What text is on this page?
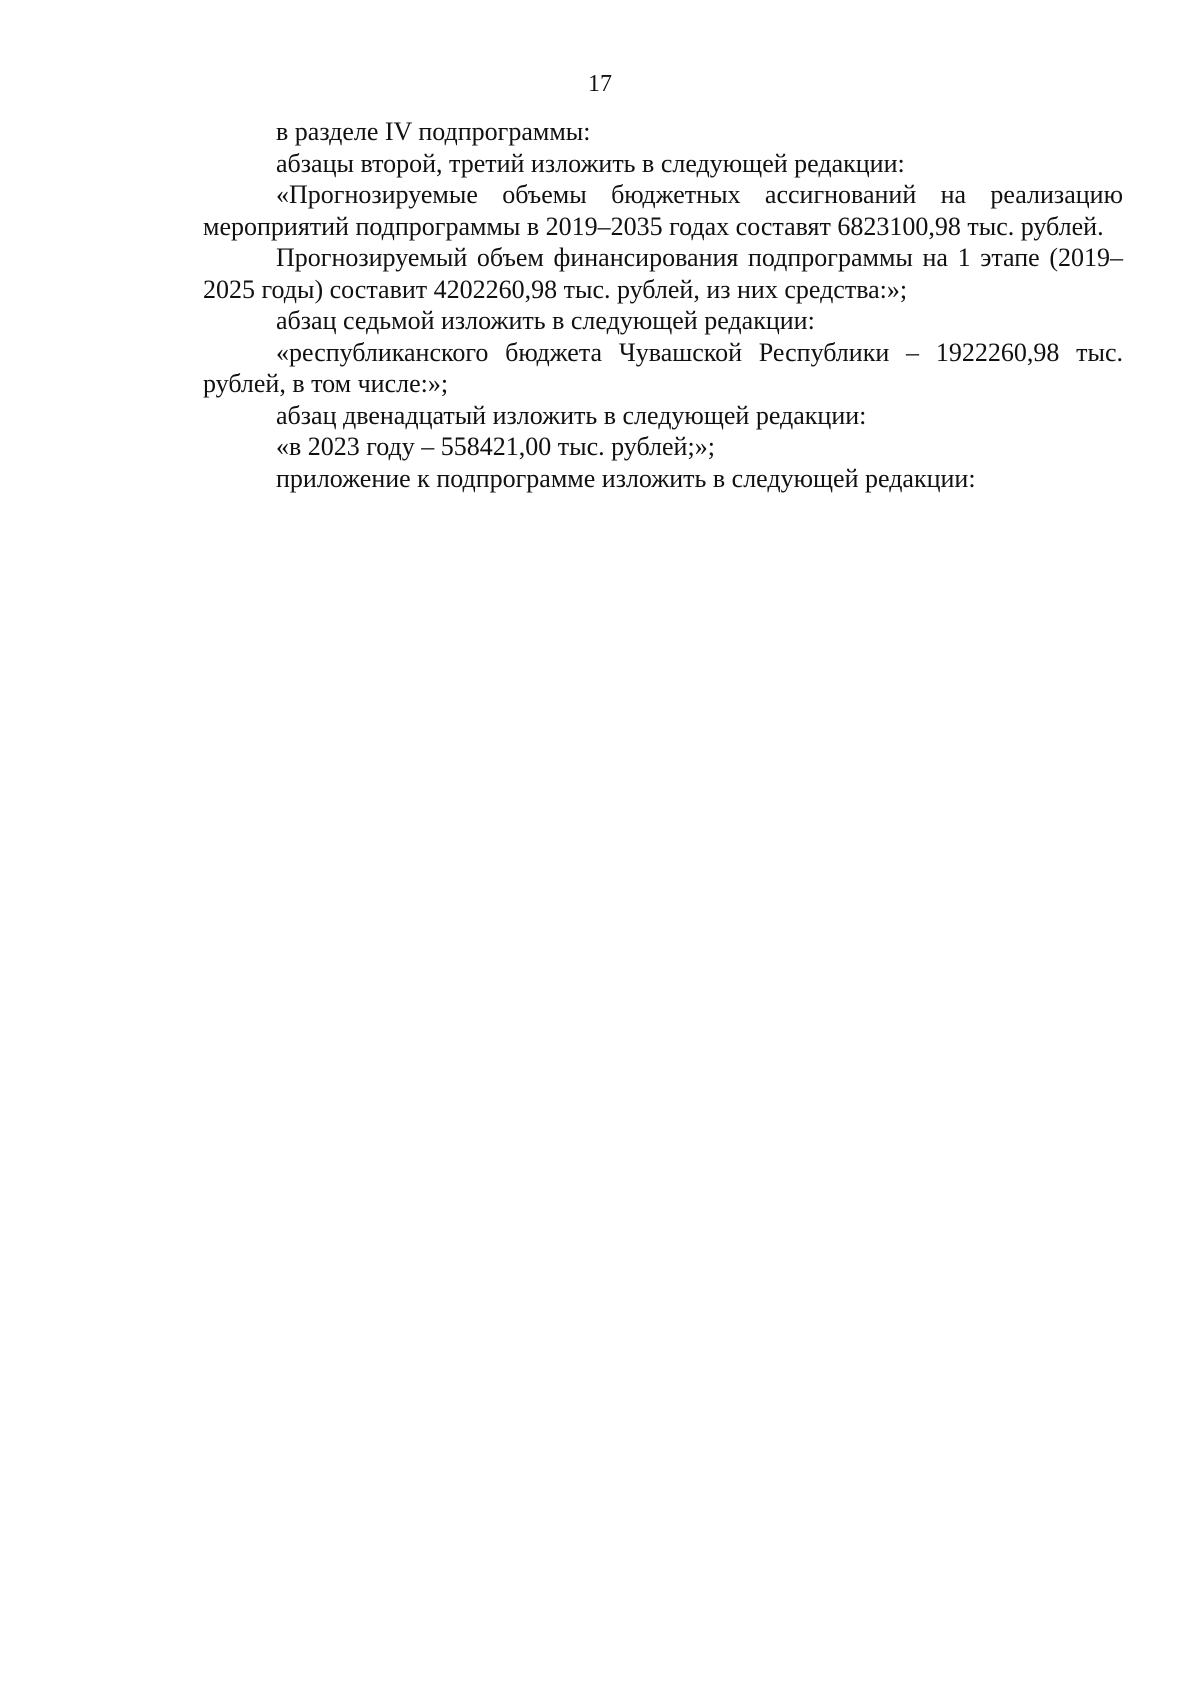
17

в разделе IV подпрограммы:

абзацы второй, третий изложить в следующей редакции:

«Прогнозируемые объемы бюджетных ассигнований на реализацию мероприятий подпрограммы в 2019–2035 годах составят 6823100,98 тыс. рублей.

Прогнозируемый объем финансирования подпрограммы на 1 этапе (2019–2025 годы) составит 4202260,98 тыс. рублей, из них средства:»;

абзац седьмой изложить в следующей редакции:

«республиканского бюджета Чувашской Республики – 1922260,98 тыс. рублей, в том числе:»;

абзац двенадцатый изложить в следующей редакции:

«в 2023 году – 558421,00 тыс. рублей;»;

приложение к подпрограмме изложить в следующей редакции:
